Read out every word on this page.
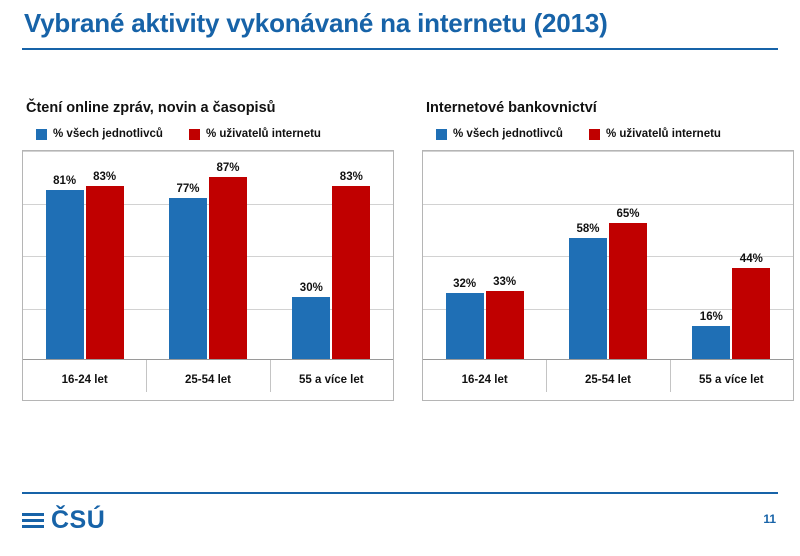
Vybrané aktivity vykonávané na internetu (2013)
Čtení online zpráv, novin a časopisů
% všech jednotlivců	% uživatelů internetu
81%	83%
77%
87%
30%
83%
16-24 let	25-54 let	55 a více let
Internetové bankovnictví
% všech jednotlivců	% uživatelů internetu
32%	33%
58%
65%
16%
44%
16-24 let	25-54 let	55 a více let
ČSÚ	11
